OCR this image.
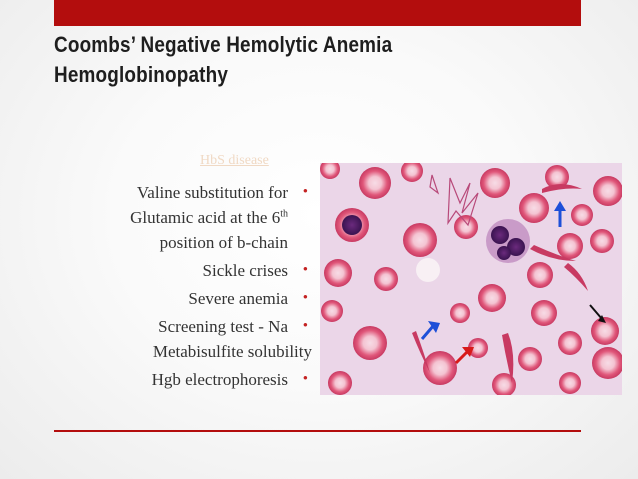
Coombs’ Negative Hemolytic Anemia
Hemoglobinopathy
HbS disease
Valine substitution for
Glutamic acid at the 6th
position of b-chain
•
Sickle crises •
Severe anemia •
Screening test - Na
Metabisulfite solubility
•
Hgb electrophoresis •
